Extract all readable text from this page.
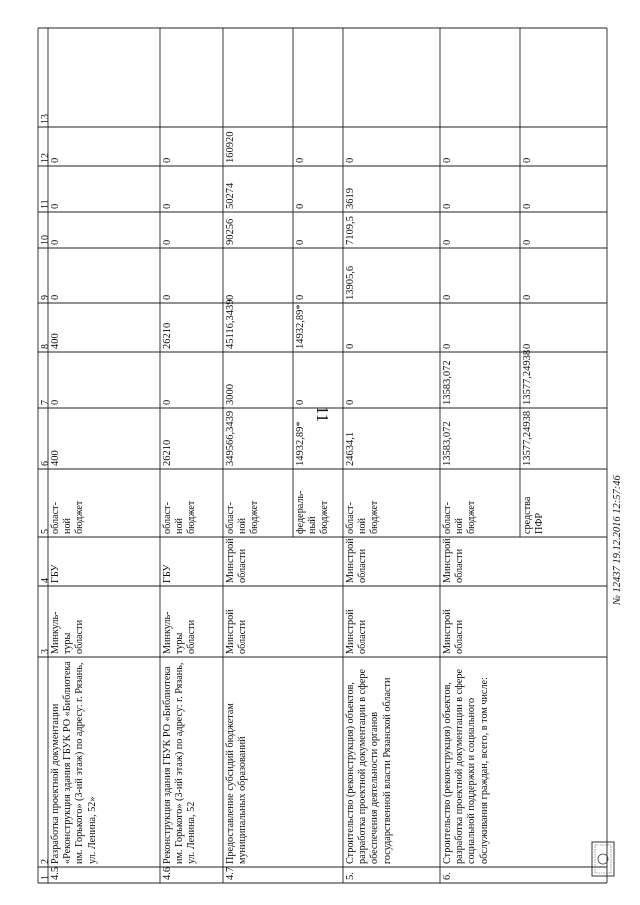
11
1
2
3
4
5
6
7
8
9
10
11
12
13
4.5
Разработка проектной документации «Реконструкция здания ГБУК РО «Библиотека им. Горького» (3-ий этаж) по адресу: г. Рязань, ул. Ленина, 52»
Минкуль-
туры
области
ГБУ
област-
ной
бюджет
400
0
400
0
0
0
0
4.6
Реконструкция здания ГБУК РО «Библиотека им. Горького» (3-ий этаж) по адресу: г. Рязань, ул. Ленина, 52
Минкуль-
туры
области
ГБУ
област-
ной
бюджет
26210
0
26210
0
0
0
0
4.7
Предоставление субсидий бюджетам муниципальных образований
Минстрой
области
Минстрой
области
област-
ной
бюджет
349566,3439
3000
45116,3439
0
90256
50274
160920
федераль-
ный
бюджет
14932,89*
0
14932,89*
0
0
0
0
5.
Строительство (реконструкция) объектов, разработка проектной документации в сфере обеспечения деятельности органов государственной власти Рязанской области
Минстрой
области
Минстрой
области
област-
ной
бюджет
24634,1
0
0
13905,6
7109,5
3619
0
6.
Строительство (реконструкция) объектов, разработка проектной документации в сфере социальной поддержки и социального обслуживания граждан, всего, в том числе:
Минстрой
области
Минстрой
области
област-
ной
бюджет
13583,072
13583,072
0
0
0
0
0
средства
ПФР
13577,24938
13577,24938
0
0
0
0
0
№ 12437 19.12.2016 12:57:46
